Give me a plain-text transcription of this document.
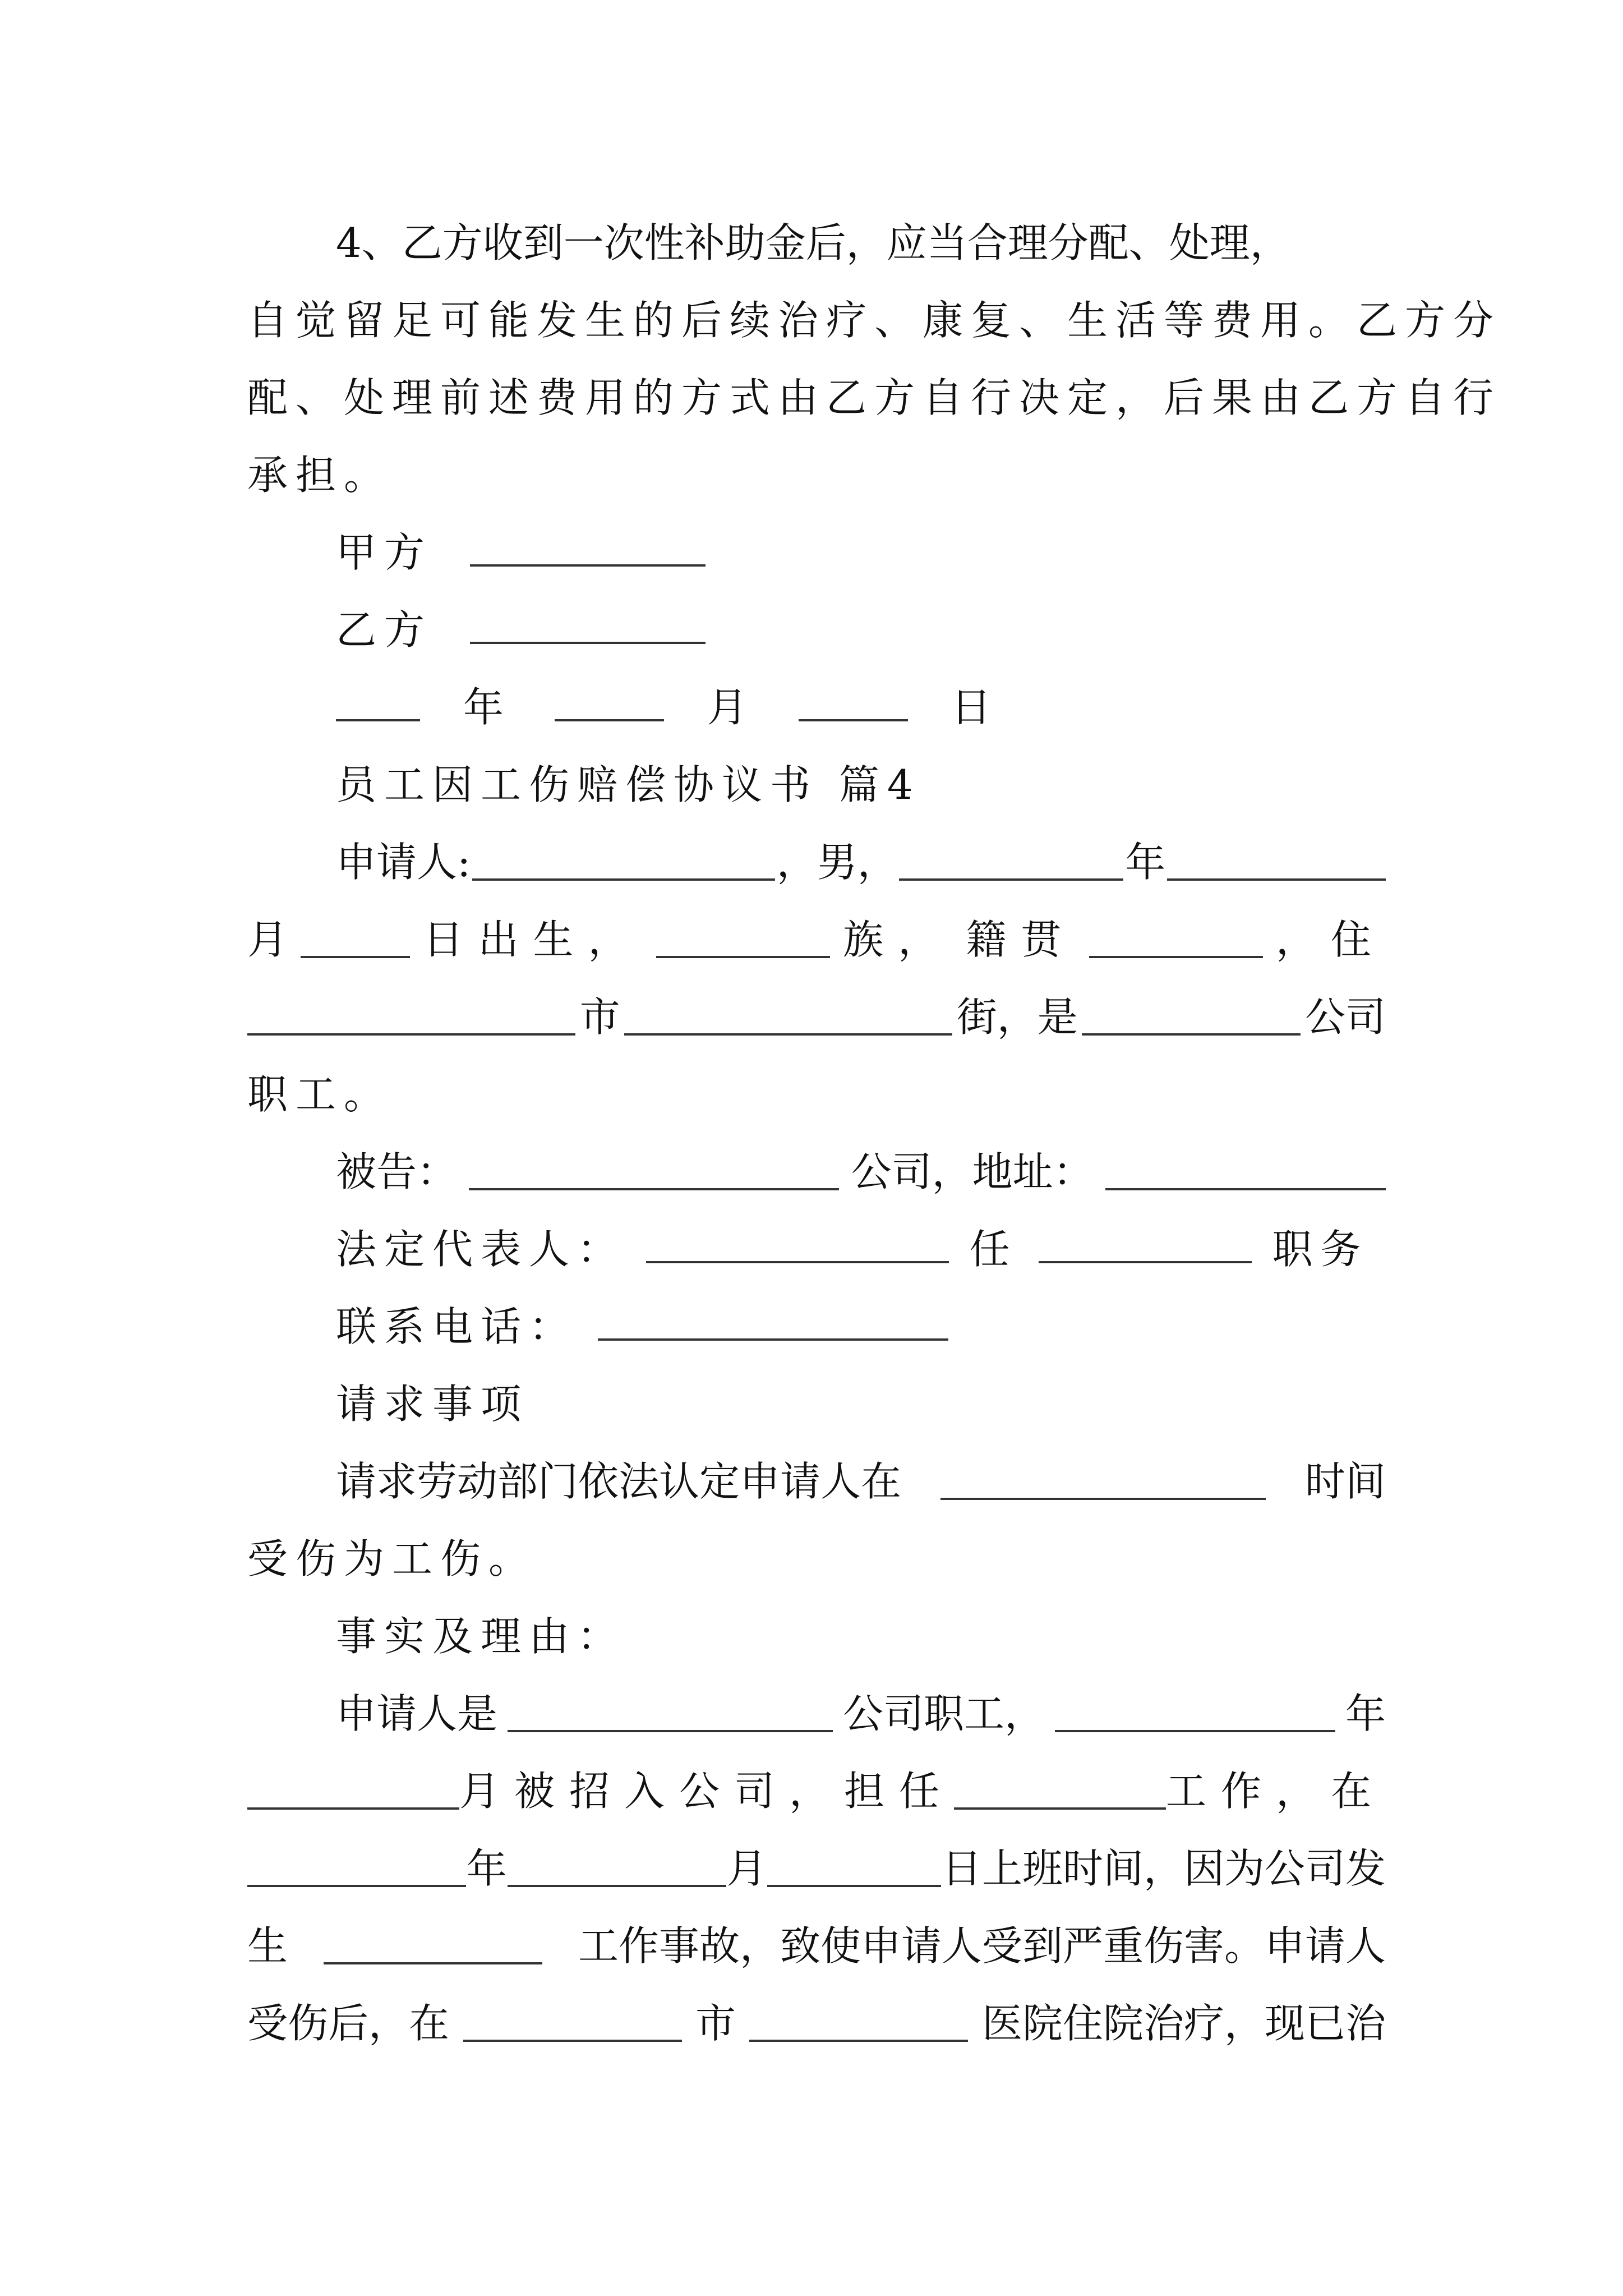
4、乙方收到一次性补助金后，应当合理分配、处理，
自觉留足可能发生的后续治疗、康复、生活等费用。乙方分
配、处理前述费用的方式由乙方自行决定，后果由乙方自行
承担。
甲方
乙方
年	月	日
员工因工伤赔偿协议书 篇4
申请人:	，男，	年
月	日出生，	族， 籍贯	，住
市	街，是	公司
职工。
被告：	公司，地址：
法定代表人：	任	职务
联系电话：
请求事项
请求劳动部门依法认定申请人在	时间
受伤为工伤。
事实及理由：
申请人是	公司职工，	年
月被招入公司，担任	工作，在
年	月	日上班时间，因为公司发
生	工作事故，致使申请人受到严重伤害。申请人
受伤后，在	市	医院住院治疗，现已治
